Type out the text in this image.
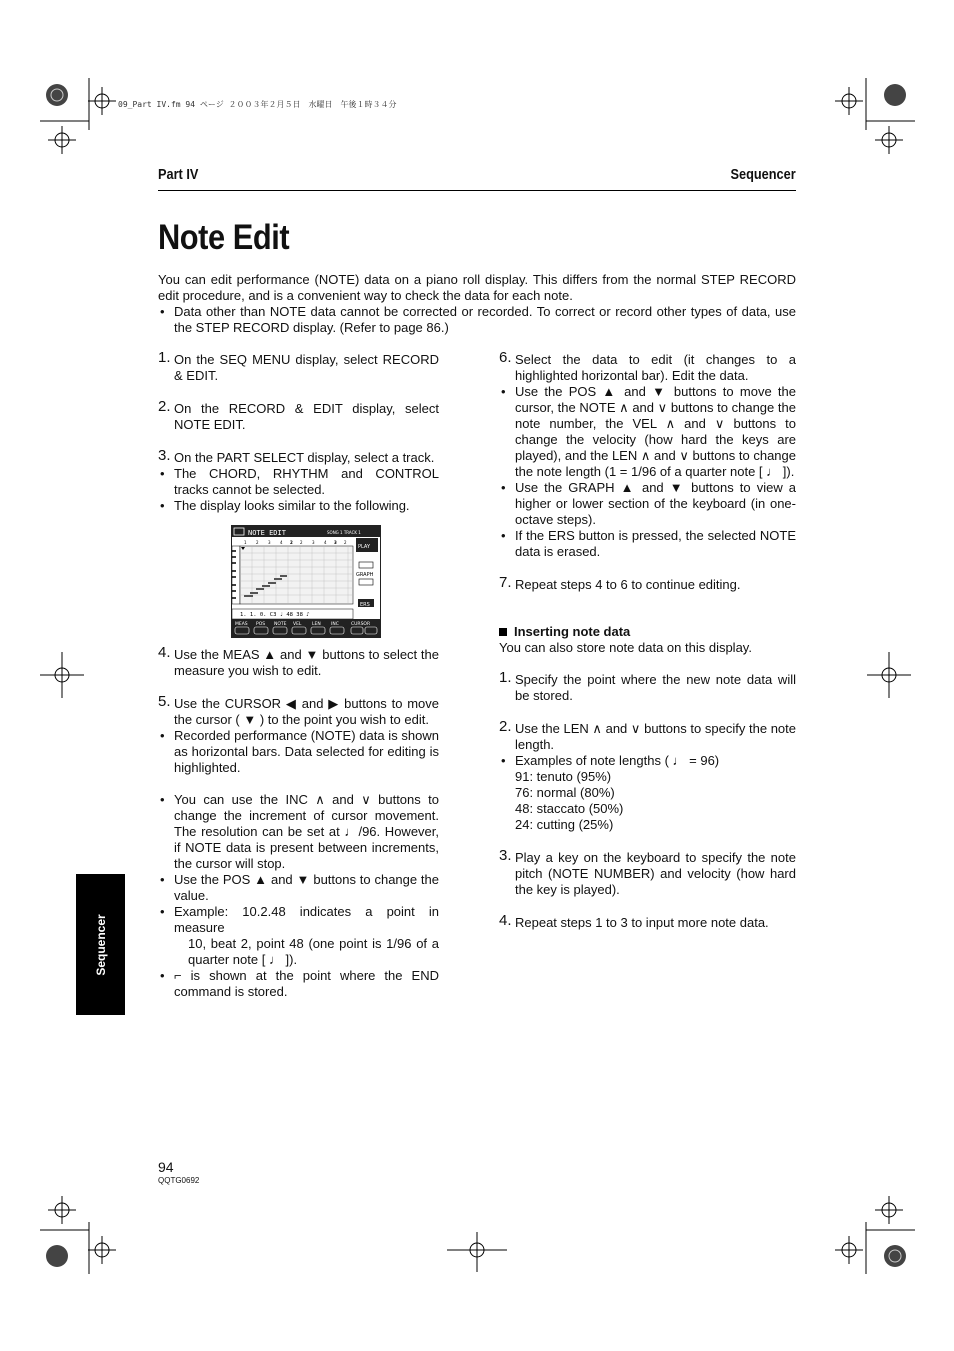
09_Part IV.fm 94 ページ ２００３年２月５日　水曜日　午後１時３４分
Part IV	Sequencer
Note Edit
You can edit performance (NOTE) data on a piano roll display. This differs from the normal STEP RECORD edit procedure, and is a convenient way to check the data for each note.
• Data other than NOTE data cannot be corrected or recorded. To correct or record other types of data, use the STEP RECORD display. (Refer to page 86.)
1. On the SEQ MENU display, select RECORD & EDIT.
2. On the RECORD & EDIT display, select NOTE EDIT.
3. On the PART SELECT display, select a track.
• The CHORD, RHYTHM and CONTROL tracks cannot be selected.
• The display looks similar to the following.
NOTE EDIT	SONG 1 TRACK 1
1 2 3 4 2 2 3 4 3 2
PLAY
GRAPH
ERS
1. 1. 0. C3 ♩ 48 38 ♪
MEAS POS NOTE VEL LEN INC	CURSOR
4. Use the MEAS ▲ and ▼ buttons to select the measure you wish to edit.
5. Use the CURSOR ◀ and ▶ buttons to move the cursor ( ▼ ) to the point you wish to edit.
• Recorded performance (NOTE) data is shown as horizontal bars. Data selected for editing is highlighted.
• You can use the INC ∧ and ∨ buttons to change the increment of cursor movement. The resolution can be set at ♩/96. However, if NOTE data is present between increments, the cursor will stop.
• Use the POS ▲ and ▼ buttons to change the value.
• Example: 10.2.48 indicates a point in measure
10, beat 2, point 48 (one point is 1/96 of a quarter note [ ♩ ]).
• ⌐ is shown at the point where the END command is stored.
6. Select the data to edit (it changes to a highlighted horizontal bar). Edit the data.
• Use the POS ▲ and ▼ buttons to move the cursor, the NOTE ∧ and ∨ buttons to change the note number, the VEL ∧ and ∨ buttons to change the velocity (how hard the keys are played), and the LEN ∧ and ∨ buttons to change the note length (1 = 1/96 of a quarter note [ ♩ ]).
• Use the GRAPH ▲ and ▼ buttons to view a higher or lower section of the keyboard (in one-octave steps).
• If the ERS button is pressed, the selected NOTE data is erased.
7. Repeat steps 4 to 6 to continue editing.
Inserting note data
You can also store note data on this display.
1. Specify the point where the new note data will be stored.
2. Use the LEN ∧ and ∨ buttons to specify the note length.
• Examples of note lengths ( ♩ = 96)
91: tenuto (95%)
76: normal (80%)
48: staccato (50%)
24: cutting (25%)
3. Play a key on the keyboard to specify the note pitch (NOTE NUMBER) and velocity (how hard the key is played).
4. Repeat steps 1 to 3 to input more note data.
Sequencer
94
QQTG0692
